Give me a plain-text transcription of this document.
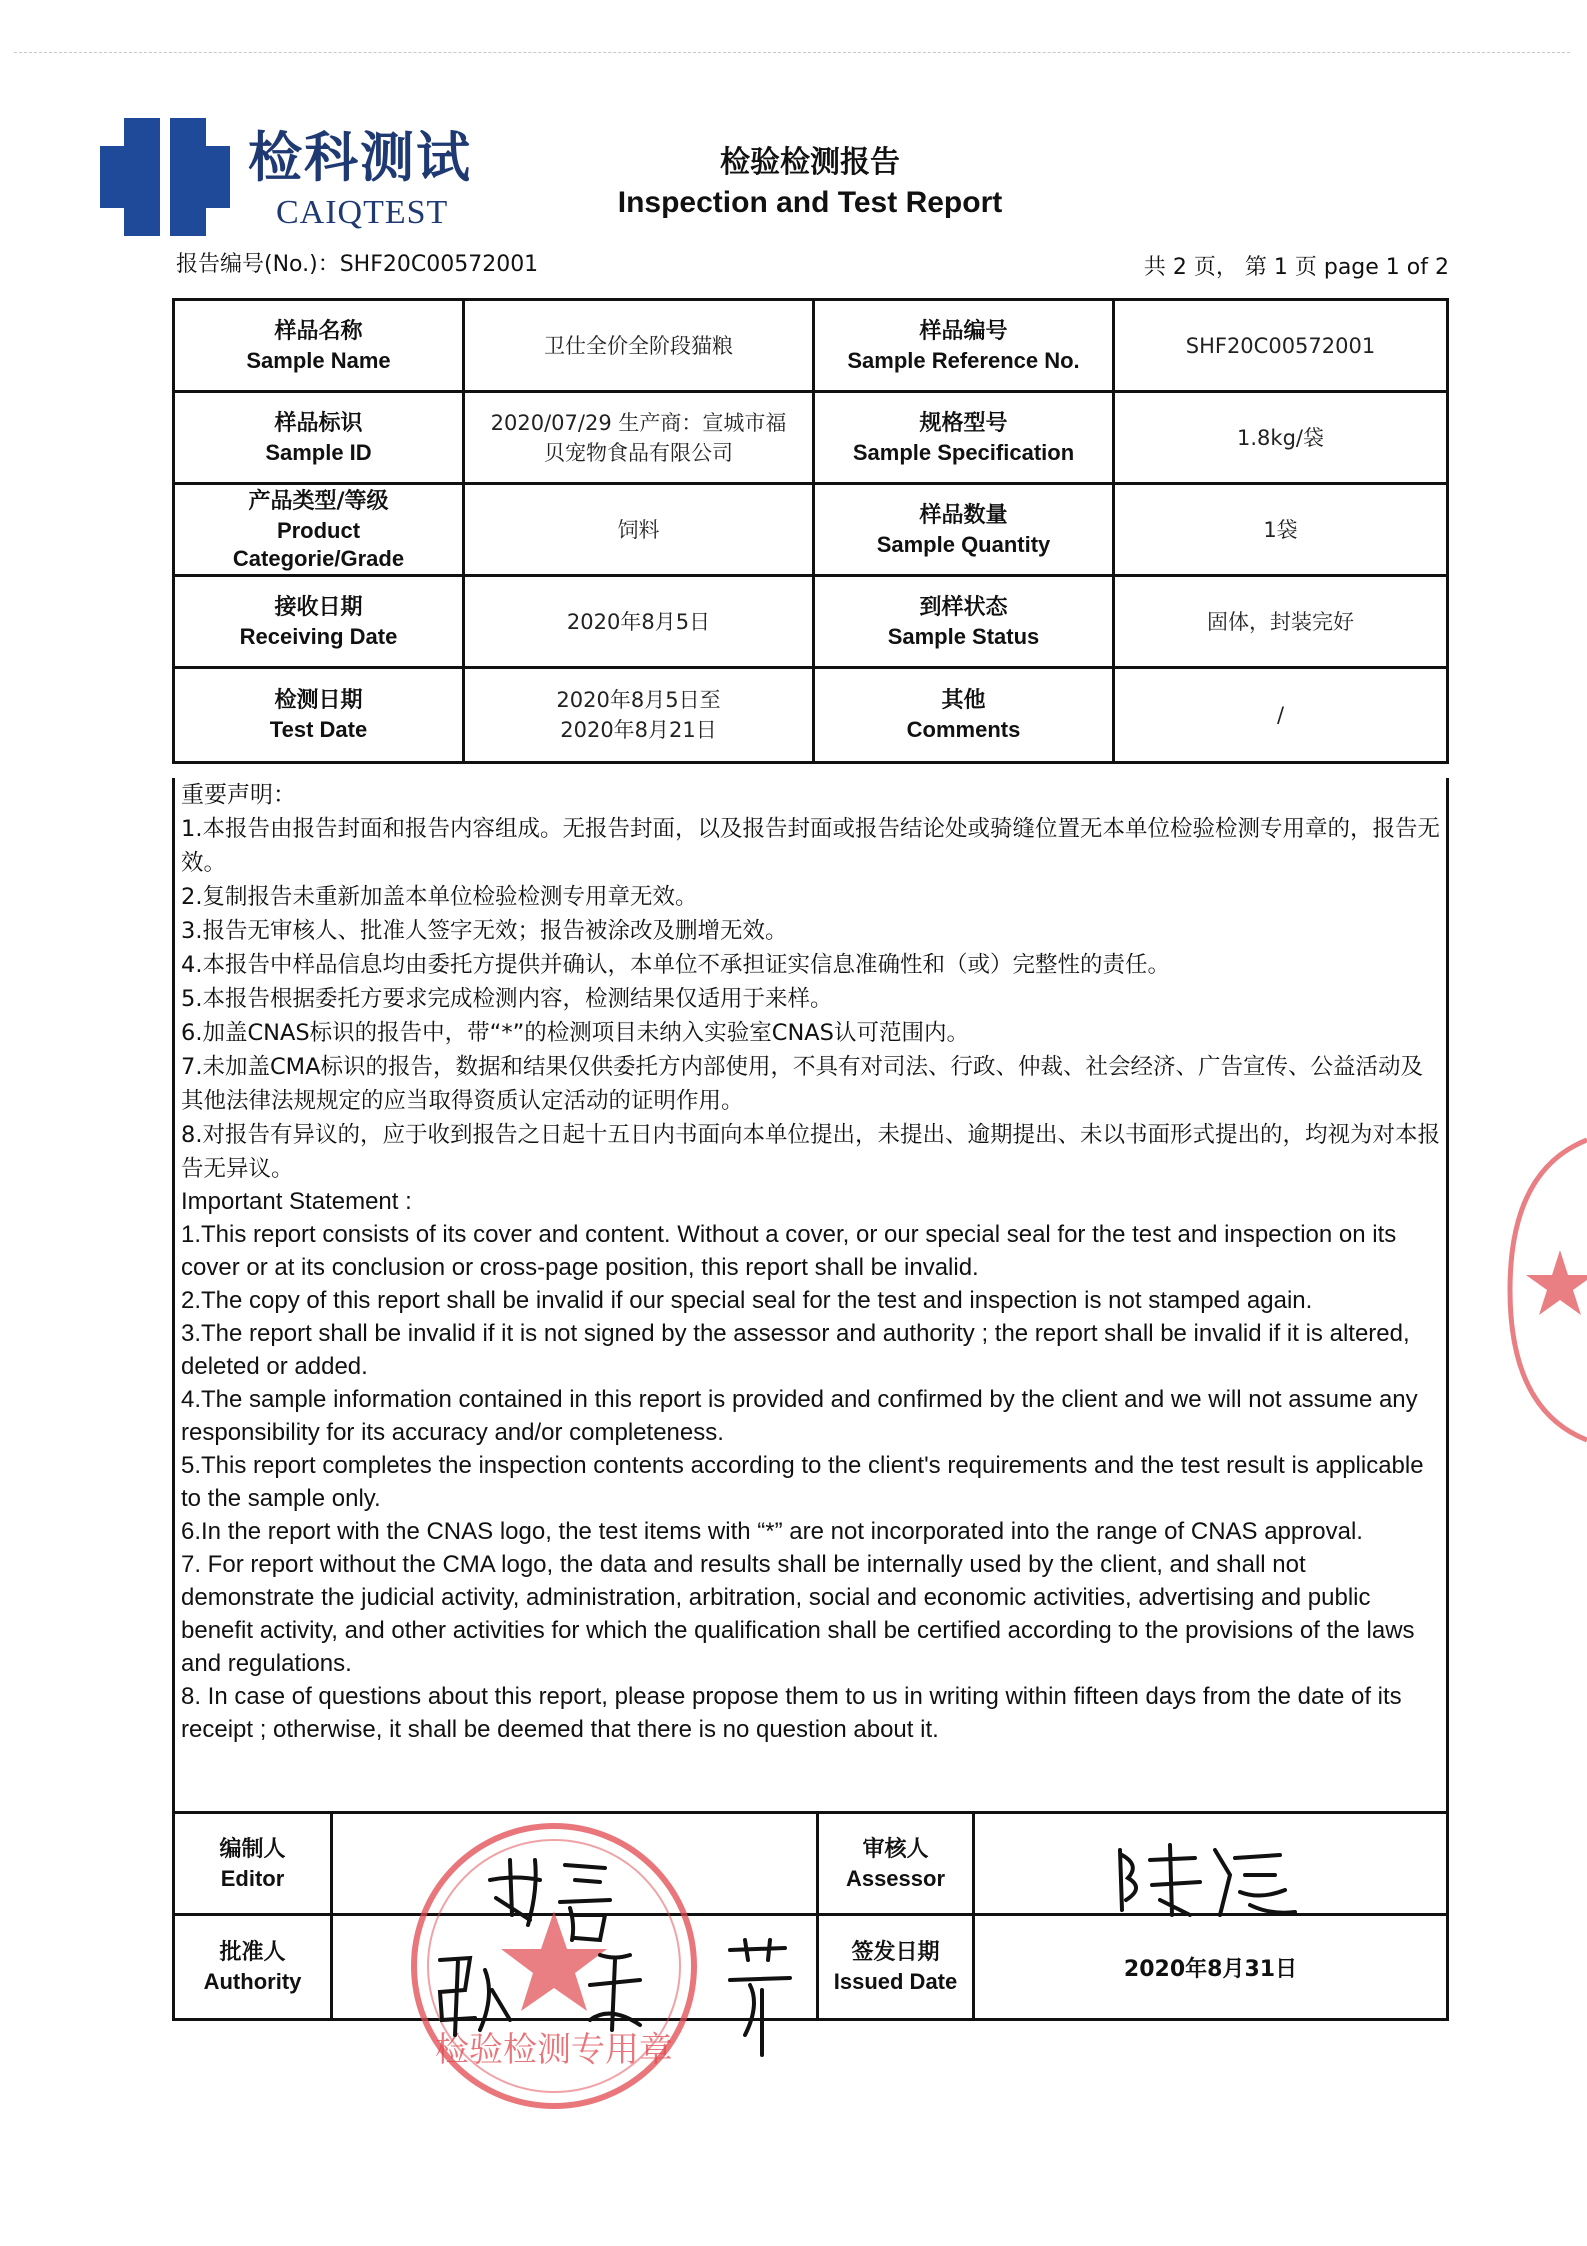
检科测试
CAIQTEST
检验检测报告
Inspection and Test Report
报告编号(No.)：SHF20C00572001	共 2 页， 第 1 页 page 1 of 2
样品名称
Sample Name
卫仕全价全阶段猫粮
样品编号
Sample Reference No.
SHF20C00572001
样品标识
Sample ID
2020/07/29 生产商：宣城市福
贝宠物食品有限公司
规格型号
Sample Specification
1.8kg/袋
产品类型/等级
Product
Categorie/Grade
饲料
样品数量
Sample Quantity
1袋
接收日期
Receiving Date
2020年8月5日
到样状态
Sample Status
固体，封装完好
检测日期
Test Date
2020年8月5日至
2020年8月21日
其他
Comments
/

重要声明：

1.本报告由报告封面和报告内容组成。无报告封面，以及报告封面或报告结论处或骑缝位置无本单位检验检测专用章的，报告无效。

2.复制报告未重新加盖本单位检验检测专用章无效。

3.报告无审核人、批准人签字无效；报告被涂改及删增无效。

4.本报告中样品信息均由委托方提供并确认，本单位不承担证实信息准确性和（或）完整性的责任。

5.本报告根据委托方要求完成检测内容，检测结果仅适用于来样。

6.加盖CNAS标识的报告中，带“*”的检测项目未纳入实验室CNAS认可范围内。

7.未加盖CMA标识的报告，数据和结果仅供委托方内部使用，不具有对司法、行政、仲裁、社会经济、广告宣传、公益活动及其他法律法规规定的应当取得资质认定活动的证明作用。

8.对报告有异议的，应于收到报告之日起十五日内书面向本单位提出，未提出、逾期提出、未以书面形式提出的，均视为对本报告无异议。

Important Statement :

1.This report consists of its cover and content. Without a cover, or our special seal for the test and inspection on its cover or at its conclusion or cross-page position, this report shall be invalid.

2.The copy of this report shall be invalid if our special seal for the test and inspection is not stamped again.

3.The report shall be invalid if it is not signed by the assessor and authority ; the report shall be invalid if it is altered, deleted or added.

4.The sample information contained in this report is provided and confirmed by the client and we will not assume any responsibility for its accuracy and/or completeness.

5.This report completes the inspection contents according to the client's requirements and the test result is applicable to the sample only.

6.In the report with the CNAS logo, the test items with “*” are not incorporated into the range of CNAS approval.

7. For report without the CMA logo, the data and results shall be internally used by the client, and shall not demonstrate the judicial activity, administration, arbitration, social and economic activities, advertising and public benefit activity, and other activities for which the qualification shall be certified according to the provisions of the laws and regulations.

8. In case of questions about this report, please propose them to us in writing within fifteen days from the date of its receipt ; otherwise, it shall be deemed that there is no question about it.

编制人
Editor
审核人
Assessor
批准人
Authority
签发日期
Issued Date	2020年8月31日
检验检测专用章
